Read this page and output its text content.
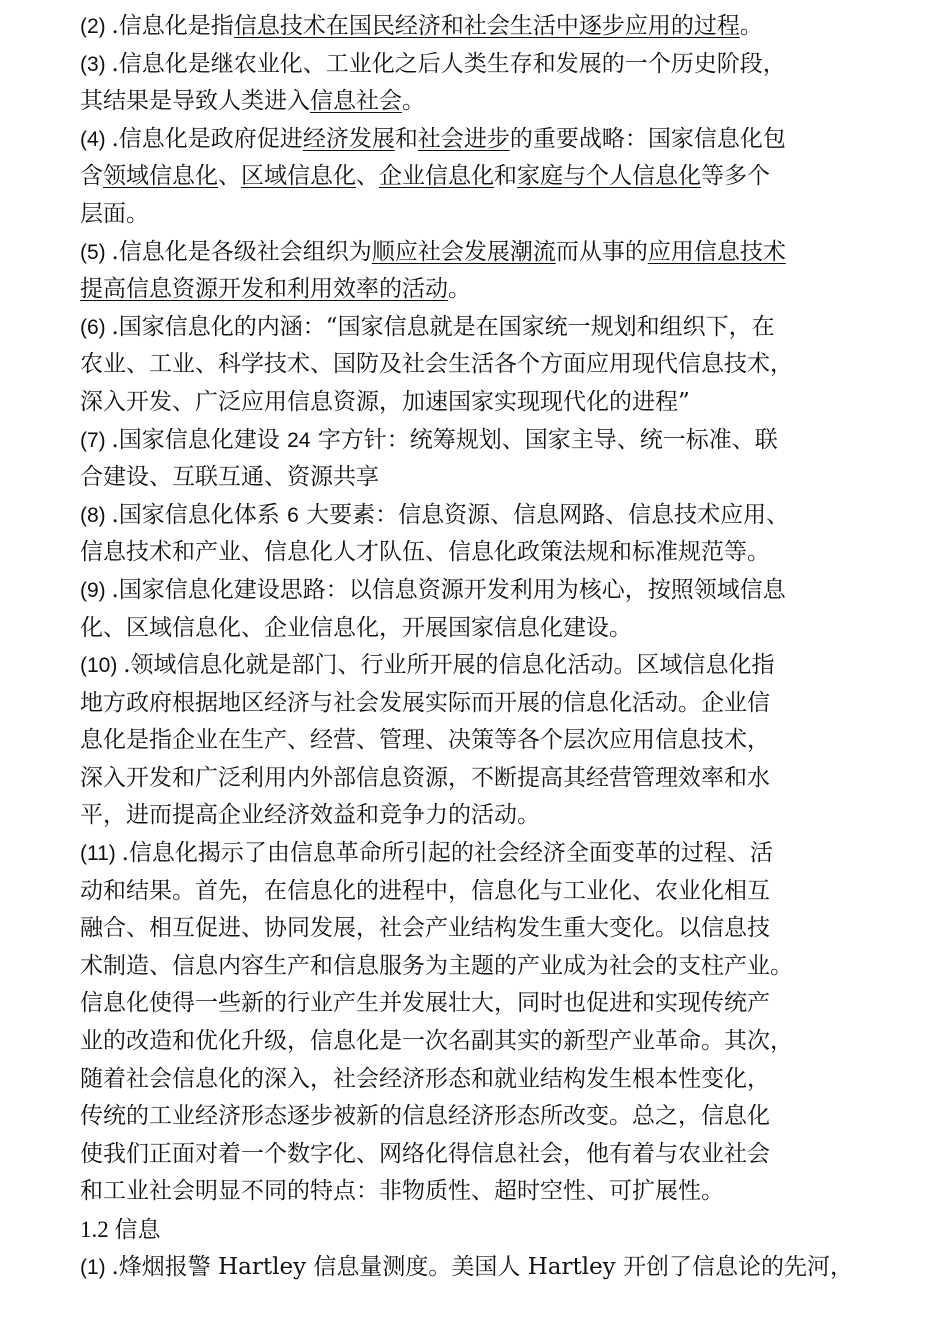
(2) .信息化是指信息技术在国民经济和社会生活中逐步应用的过程。
(3) .信息化是继农业化、工业化之后人类生存和发展的一个历史阶段，
其结果是导致人类进入信息社会。
(4) .信息化是政府促进经济发展和社会进步的重要战略：国家信息化包
含领域信息化、区域信息化、企业信息化和家庭与个人信息化等多个
层面。
(5) .信息化是各级社会组织为顺应社会发展潮流而从事的应用信息技术
提高信息资源开发和利用效率的活动。
(6) .国家信息化的内涵：“国家信息就是在国家统一规划和组织下，在
农业、工业、科学技术、国防及社会生活各个方面应用现代信息技术，
深入开发、广泛应用信息资源，加速国家实现现代化的进程”
(7) .国家信息化建设 24 字方针：统筹规划、国家主导、统一标准、联
合建设、互联互通、资源共享
(8) .国家信息化体系 6 大要素：信息资源、信息网路、信息技术应用、
信息技术和产业、信息化人才队伍、信息化政策法规和标准规范等。
(9) .国家信息化建设思路：以信息资源开发利用为核心，按照领域信息
化、区域信息化、企业信息化，开展国家信息化建设。
(10) .领域信息化就是部门、行业所开展的信息化活动。区域信息化指
地方政府根据地区经济与社会发展实际而开展的信息化活动。企业信
息化是指企业在生产、经营、管理、决策等各个层次应用信息技术，
深入开发和广泛利用内外部信息资源，不断提高其经营管理效率和水
平，进而提高企业经济效益和竞争力的活动。
(11) .信息化揭示了由信息革命所引起的社会经济全面变革的过程、活
动和结果。首先，在信息化的进程中，信息化与工业化、农业化相互
融合、相互促进、协同发展，社会产业结构发生重大变化。以信息技
术制造、信息内容生产和信息服务为主题的产业成为社会的支柱产业。
信息化使得一些新的行业产生并发展壮大，同时也促进和实现传统产
业的改造和优化升级，信息化是一次名副其实的新型产业革命。其次，
随着社会信息化的深入，社会经济形态和就业结构发生根本性变化，
传统的工业经济形态逐步被新的信息经济形态所改变。总之，信息化
使我们正面对着一个数字化、网络化得信息社会，他有着与农业社会
和工业社会明显不同的特点：非物质性、超时空性、可扩展性。
1.2 信息
(1) .烽烟报警 Hartley 信息量测度。美国人 Hartley 开创了信息论的先河，
